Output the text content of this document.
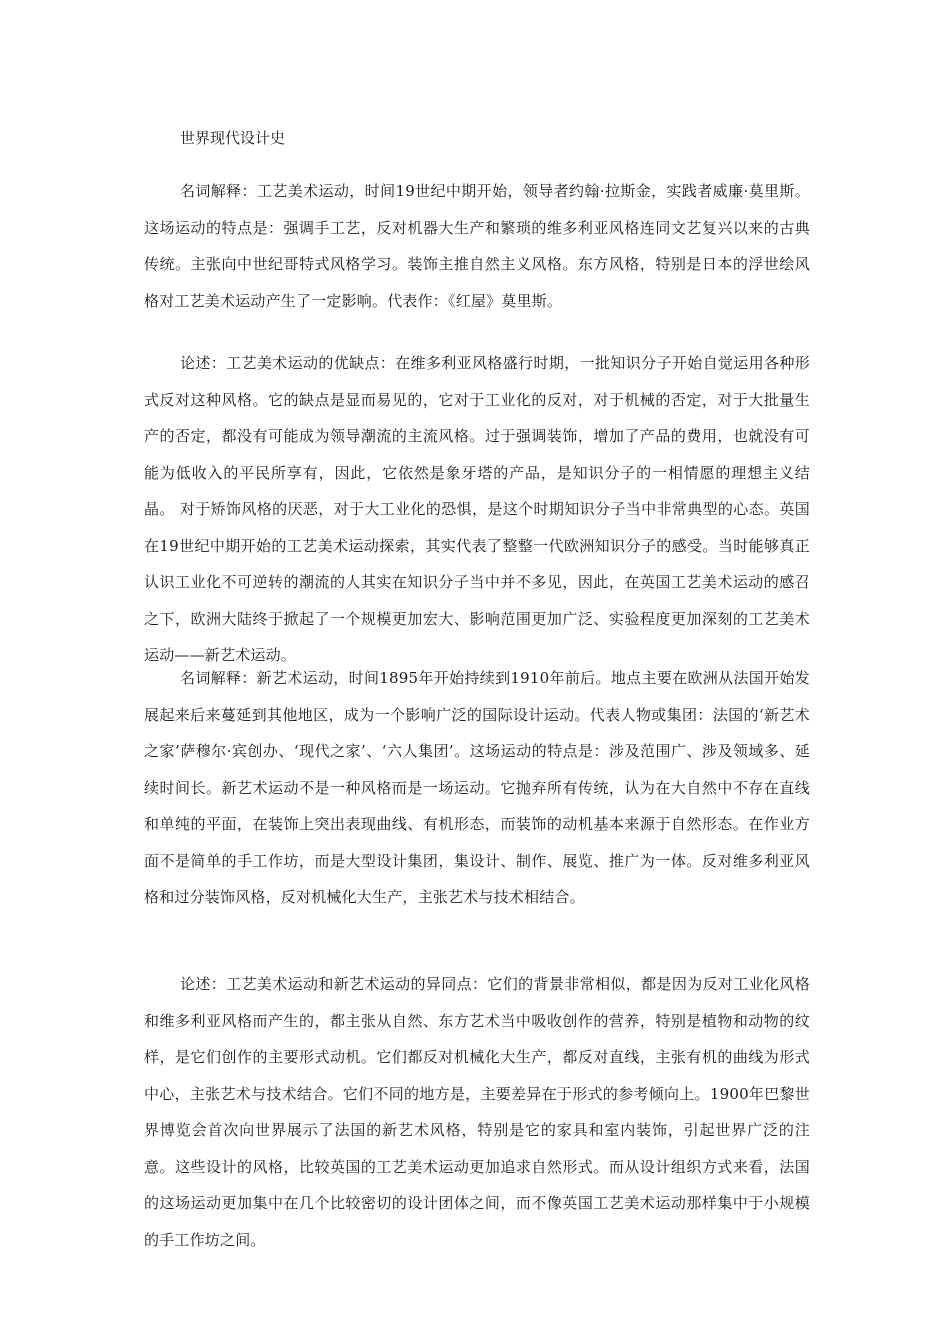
世界现代设计史

名词解释：工艺美术运动，时间19世纪中期开始，领导者约翰·拉斯金，实践者威廉·莫里斯。这场运动的特点是：强调手工艺，反对机器大生产和繁琐的维多利亚风格连同文艺复兴以来的古典传统。主张向中世纪哥特式风格学习。装饰主推自然主义风格。东方风格，特别是日本的浮世绘风格对工艺美术运动产生了一定影响。代表作：《红屋》莫里斯。

论述：工艺美术运动的优缺点：在维多利亚风格盛行时期，一批知识分子开始自觉运用各种形式反对这种风格。它的缺点是显而易见的，它对于工业化的反对，对于机械的否定，对于大批量生产的否定，都没有可能成为领导潮流的主流风格。过于强调装饰，增加了产品的费用，也就没有可能为低收入的平民所享有，因此，它依然是象牙塔的产品，是知识分子的一相情愿的理想主义结晶。 对于矫饰风格的厌恶，对于大工业化的恐惧，是这个时期知识分子当中非常典型的心态。英国在19世纪中期开始的工艺美术运动探索，其实代表了整整一代欧洲知识分子的感受。当时能够真正认识工业化不可逆转的潮流的人其实在知识分子当中并不多见，因此，在英国工艺美术运动的感召之下，欧洲大陆终于掀起了一个规模更加宏大、影响范围更加广泛、实验程度更加深刻的工艺美术运动——新艺术运动。

名词解释：新艺术运动，时间1895年开始持续到1910年前后。地点主要在欧洲从法国开始发展起来后来蔓延到其他地区，成为一个影响广泛的国际设计运动。代表人物或集团：法国的‘新艺术之家’萨穆尔·宾创办、‘现代之家’、‘六人集团’。这场运动的特点是：涉及范围广、涉及领域多、延续时间长。新艺术运动不是一种风格而是一场运动。它抛弃所有传统，认为在大自然中不存在直线和单纯的平面，在装饰上突出表现曲线、有机形态，而装饰的动机基本来源于自然形态。在作业方面不是简单的手工作坊，而是大型设计集团，集设计、制作、展览、推广为一体。反对维多利亚风格和过分装饰风格，反对机械化大生产，主张艺术与技术相结合。

论述：工艺美术运动和新艺术运动的异同点：它们的背景非常相似，都是因为反对工业化风格和维多利亚风格而产生的，都主张从自然、东方艺术当中吸收创作的营养，特别是植物和动物的纹样，是它们创作的主要形式动机。它们都反对机械化大生产，都反对直线，主张有机的曲线为形式中心，主张艺术与技术结合。它们不同的地方是，主要差异在于形式的参考倾向上。1900年巴黎世界博览会首次向世界展示了法国的新艺术风格，特别是它的家具和室内装饰，引起世界广泛的注意。这些设计的风格，比较英国的工艺美术运动更加追求自然形式。而从设计组织方式来看，法国的这场运动更加集中在几个比较密切的设计团体之间，而不像英国工艺美术运动那样集中于小规模的手工作坊之间。
